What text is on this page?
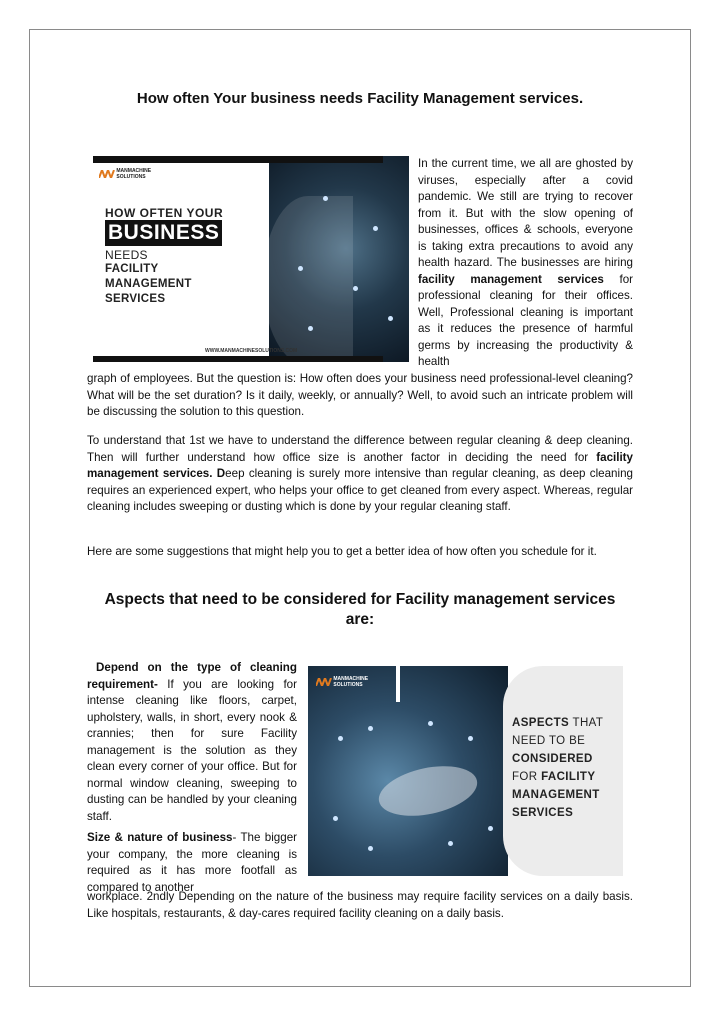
How often Your business needs Facility Management services.
MANMACHINE
SOLUTIONS
HOW OFTEN YOUR
BUSINESS
NEEDS
FACILITY
MANAGEMENT
SERVICES
WWW.MANMACHINESOLUTIONS.COM

In the current time, we all are ghosted by viruses, especially after a covid pandemic. We still are trying to recover from it. But with the slow opening of businesses, offices & schools, everyone is taking extra precautions to avoid any health hazard. The businesses are hiring facility management services for professional cleaning for their offices. Well, Professional cleaning is important as it reduces the presence of harmful germs by increasing the productivity & health

graph of employees. But the question is: How often does your business need professional-level cleaning? What will be the set duration? Is it daily, weekly, or annually? Well, to avoid such an intricate problem will be discussing the solution to this question.

To understand that 1st we have to understand the difference between regular cleaning & deep cleaning. Then will further understand how office size is another factor in deciding the need for facility management services. Deep cleaning is surely more intensive than regular cleaning, as deep cleaning requires an experienced expert, who helps your office to get cleaned from every aspect. Whereas, regular cleaning includes sweeping or dusting which is done by your regular cleaning staff.

Here are some suggestions that might help you to get a better idea of how often you schedule for it.

Aspects that need to be considered for Facility management services are:

Depend on the type of cleaning requirement- If you are looking for intense cleaning like floors, carpet, upholstery, walls, in short, every nook & crannies; then for sure Facility management is the solution as they clean every corner of your office. But for normal window cleaning, sweeping to dusting can be handled by your cleaning staff.

Size & nature of business- The bigger your company, the more cleaning is required as it has more footfall as compared to another

workplace. 2ndly Depending on the nature of the business may require facility services on a daily basis. Like hospitals, restaurants, & day-cares required facility cleaning on a daily basis.

MANMACHINE
SOLUTIONS
ASPECTS THAT
NEED TO BE
CONSIDERED
FOR FACILITY
MANAGEMENT
SERVICES
